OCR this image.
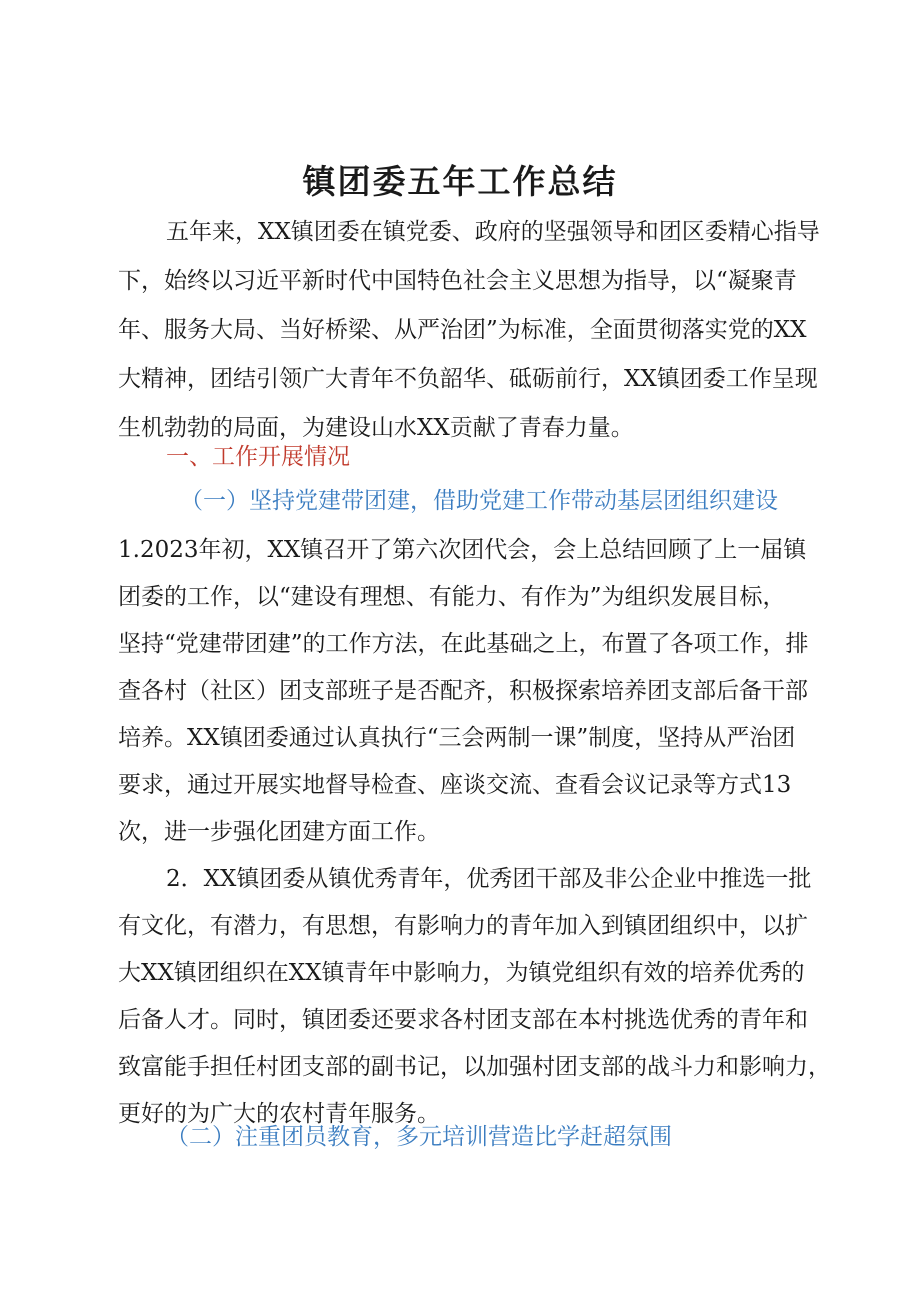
镇团委五年工作总结
五年来，XX镇团委在镇党委、政府的坚强领导和团区委精心指导
下，始终以习近平新时代中国特色社会主义思想为指导，以“凝聚青
年、服务大局、当好桥梁、从严治团”为标准，全面贯彻落实党的XX
大精神，团结引领广大青年不负韶华、砥砺前行，XX镇团委工作呈现
生机勃勃的局面，为建设山水XX贡献了青春力量。
一、工作开展情况
（一）坚持党建带团建，借助党建工作带动基层团组织建设
1.2023年初，XX镇召开了第六次团代会，会上总结回顾了上一届镇
团委的工作，以“建设有理想、有能力、有作为”为组织发展目标，
坚持“党建带团建”的工作方法，在此基础之上，布置了各项工作，排
查各村（社区）团支部班子是否配齐，积极探索培养团支部后备干部
培养。XX镇团委通过认真执行“三会两制一课”制度，坚持从严治团
要求，通过开展实地督导检查、座谈交流、查看会议记录等方式13
次，进一步强化团建方面工作。
2．XX镇团委从镇优秀青年，优秀团干部及非公企业中推选一批
有文化，有潜力，有思想，有影响力的青年加入到镇团组织中，以扩
大XX镇团组织在XX镇青年中影响力，为镇党组织有效的培养优秀的
后备人才。同时，镇团委还要求各村团支部在本村挑选优秀的青年和
致富能手担任村团支部的副书记，以加强村团支部的战斗力和影响力，
更好的为广大的农村青年服务。
（二）注重团员教育，多元培训营造比学赶超氛围
